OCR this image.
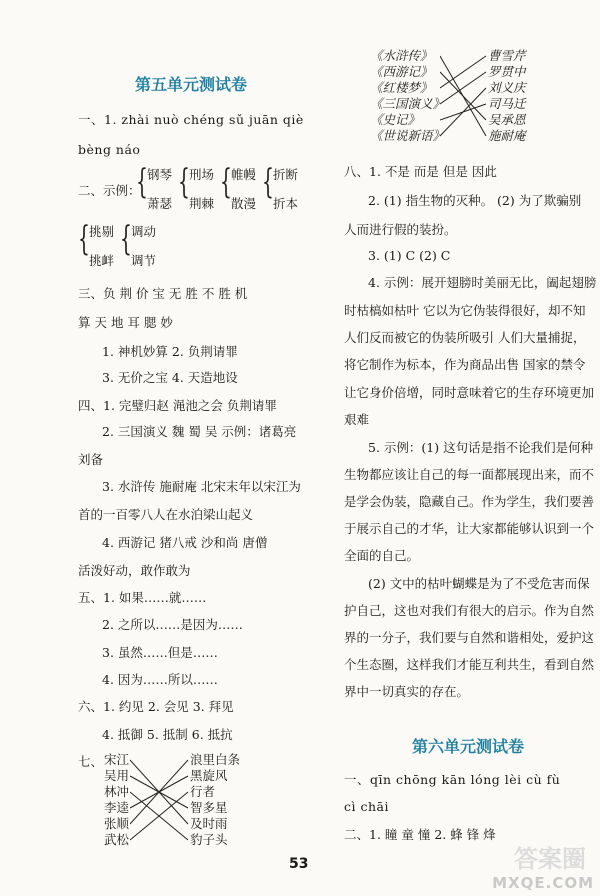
第五单元测试卷
一、1. zhài nuò chéng sǔ juān qiè
bèng náo
二、示例：
{ 钢琴
萧瑟
{ 刑场
荆棘
{ 帷幔
散漫
{ 折断
折本
{ 挑剔
挑衅
{ 调动
调节
三、负 荆 价 宝 无 胜 不 胜 机
算 天 地 耳 腮 妙
1. 神机妙算 2. 负荆请罪
3. 无价之宝 4. 天造地设
四、1. 完璧归赵 渑池之会 负荆请罪
2. 三国演义 魏 蜀 吴 示例：诸葛亮
刘备
3. 水浒传 施耐庵 北宋末年以宋江为
首的一百零八人在水泊梁山起义
4. 西游记 猪八戒 沙和尚 唐僧
活泼好动，敢作敢为
五、1. 如果……就……
2. 之所以……是因为……
3. 虽然……但是……
4. 因为……所以……
六、1. 约见 2. 会见 3. 拜见
4. 抵御 5. 抵制 6. 抵抗
七、 宋江
吴用
林冲
李逵
张顺
武松
浪里白条
黑旋风
行者
智多星
及时雨
豹子头
《水浒传》
《西游记》
《红楼梦》
《三国演义》
《史记》
《世说新语》
曹雪芹
罗贯中
刘义庆
司马迁
吴承恩
施耐庵
八、1. 不是 而是 但是 因此
2. (1) 指生物的灭种。 (2) 为了欺骗别
人而进行假的装扮。
3. (1) C (2) C
4. 示例：展开翅膀时美丽无比，阖起翅膀
时枯槁如枯叶 它以为它伪装得很好，却不知
人们反而被它的伪装所吸引 人们大量捕捉，
将它制作为标本，作为商品出售 国家的禁令
让它身价倍增，同时意味着它的生存环境更加
艰难
5. 示例：(1) 这句话是指不论我们是何种
生物都应该让自己的每一面都展现出来，而不
是学会伪装，隐藏自己。作为学生，我们要善
于展示自己的才华，让大家都能够认识到一个
全面的自己。
(2) 文中的枯叶蝴蝶是为了不受危害而保
护自己，这也对我们有很大的启示。作为自然
界的一分子，我们要与自然和谐相处，爱护这
个生态圈，这样我们才能互利共生，看到自然
界中一切真实的存在。
第六单元测试卷
一、qīn chōng kān lóng lèi cù fù
cì chāi
二、1. 瞳 童 憧 2. 蜂 锋 烽
53	答案圈
MXQE.COM
